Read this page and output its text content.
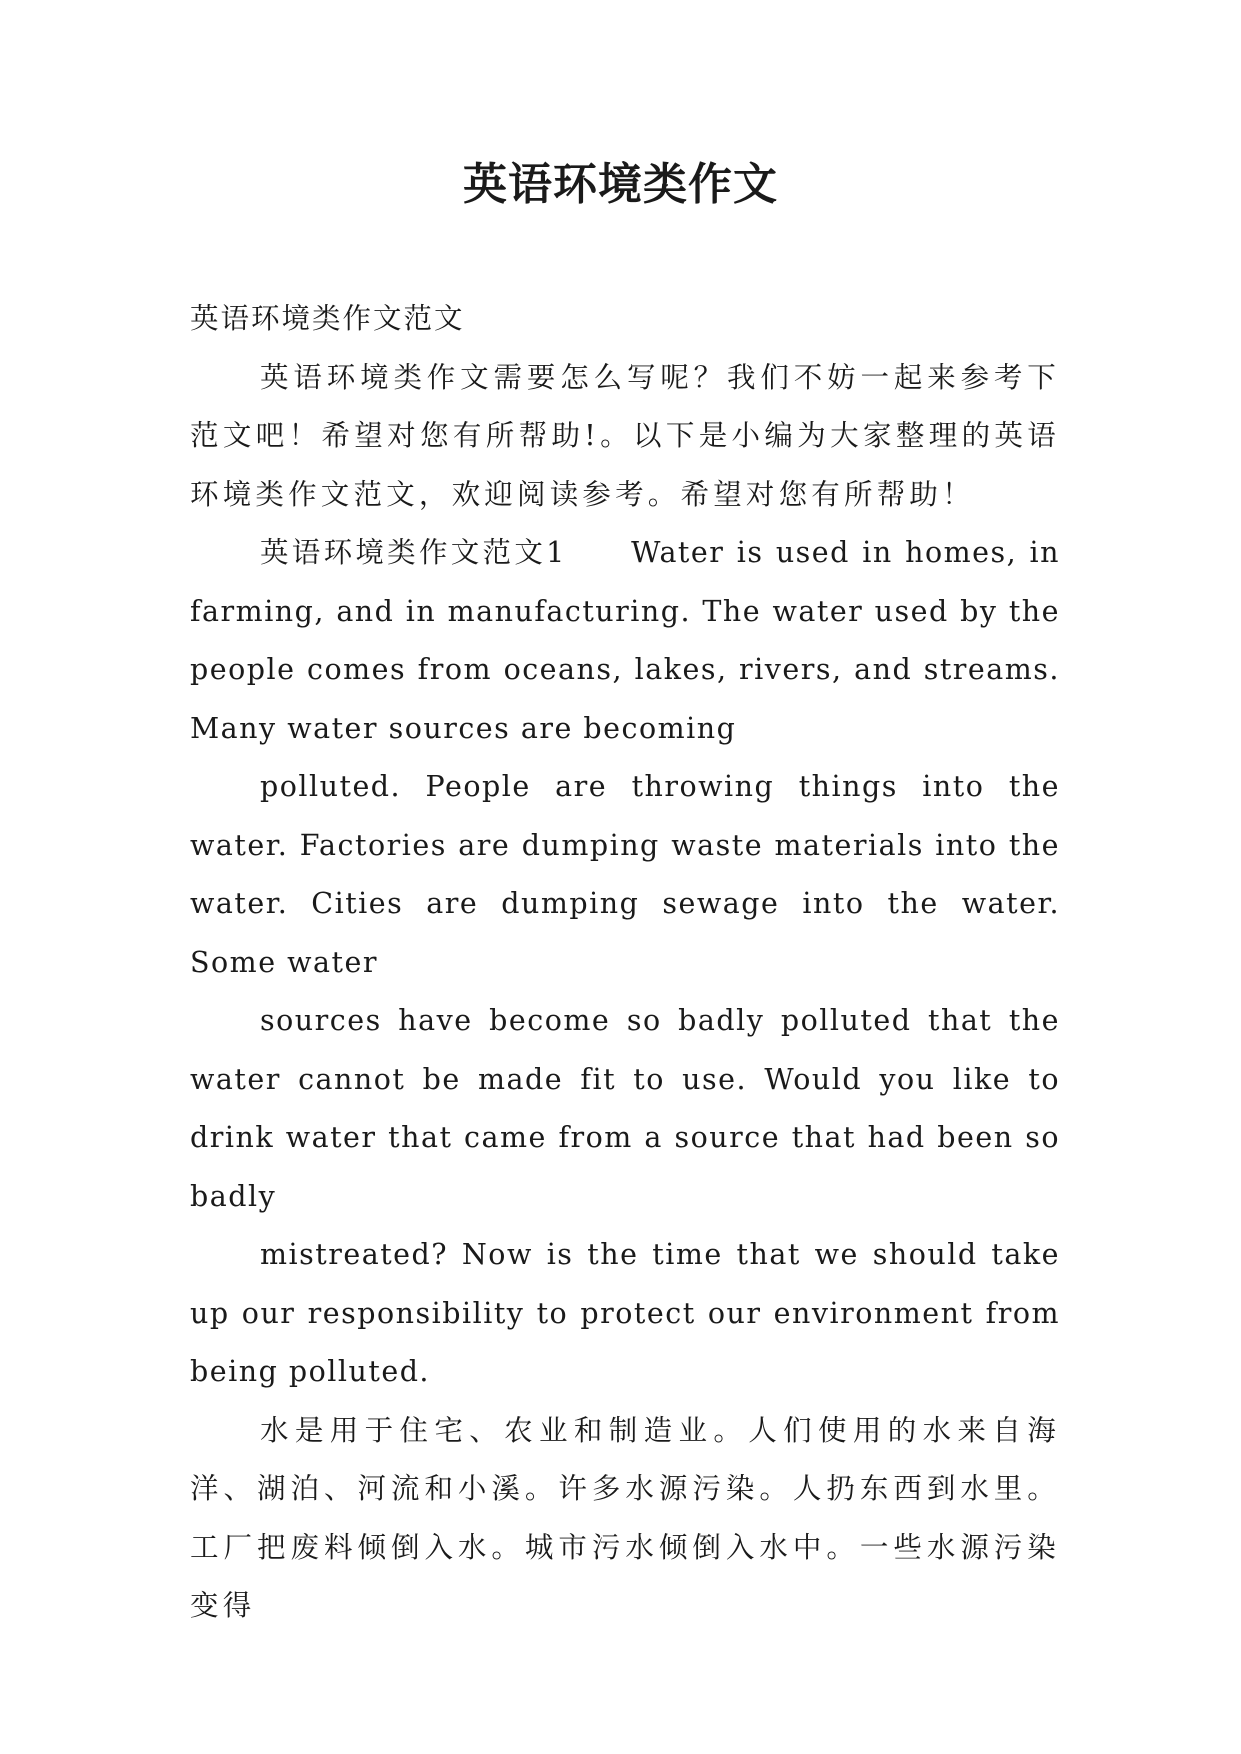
英语环境类作文

英语环境类作文范文

英语环境类作文需要怎么写呢？我们不妨一起来参考下范文吧！希望对您有所帮助!。以下是小编为大家整理的英语环境类作文范文，欢迎阅读参考。希望对您有所帮助！

英语环境类作文范文1　　Water is used in homes, in farming, and in manufacturing. The water used by the people comes from oceans, lakes, rivers, and streams. Many water sources are becoming

polluted. People are throwing things into the water. Factories are dumping waste materials into the water. Cities are dumping sewage into the water. Some water

sources have become so badly polluted that the water cannot be made fit to use. Would you like to drink water that came from a source that had been so badly

mistreated? Now is the time that we should take up our responsibility to protect our environment from being polluted.

水是用于住宅、农业和制造业。人们使用的水来自海洋、湖泊、河流和小溪。许多水源污染。人扔东西到水里。工厂把废料倾倒入水。城市污水倾倒入水中。一些水源污染变得
